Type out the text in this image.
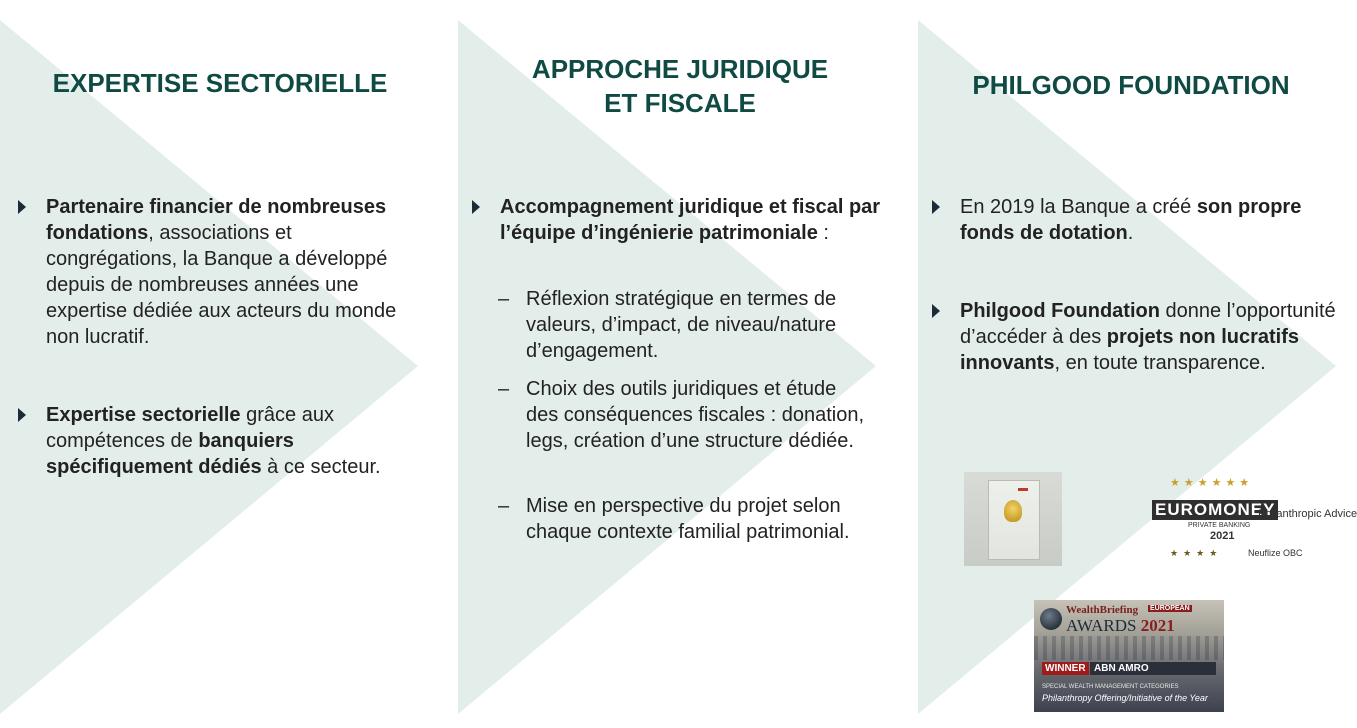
EXPERTISE SECTORIELLE
Partenaire financier de nombreuses fondations, associations et congrégations, la Banque a développé depuis de nombreuses années une expertise dédiée aux acteurs du monde non lucratif.
Expertise sectorielle grâce aux compétences de banquiers spécifiquement dédiés à ce secteur.
APPROCHE JURIDIQUE
ET FISCALE
Accompagnement juridique et fiscal par l’équipe d’ingénierie patrimoniale :
– Réflexion stratégique en termes de valeurs, d’impact, de niveau/nature d’engagement.
– Choix des outils juridiques et étude des conséquences fiscales : donation, legs, création d’une structure dédiée.
– Mise en perspective du projet selon chaque contexte familial patrimonial.
PHILGOOD FOUNDATION
En 2019 la Banque a créé son propre fonds de dotation.
Philgood Foundation donne l’opportunité d’accéder à des projets non lucratifs innovants, en toute transparence.
★★★★★★
EUROMONEY
PRIVATE BANKING
2021
Philanthropic Advice
★★★★	Neuflize OBC
WealthBriefing EUROPEAN
AWARDS 2021
WINNER ABN AMRO
SPECIAL WEALTH MANAGEMENT CATEGORIES
Philanthropy Offering/Initiative of the Year
